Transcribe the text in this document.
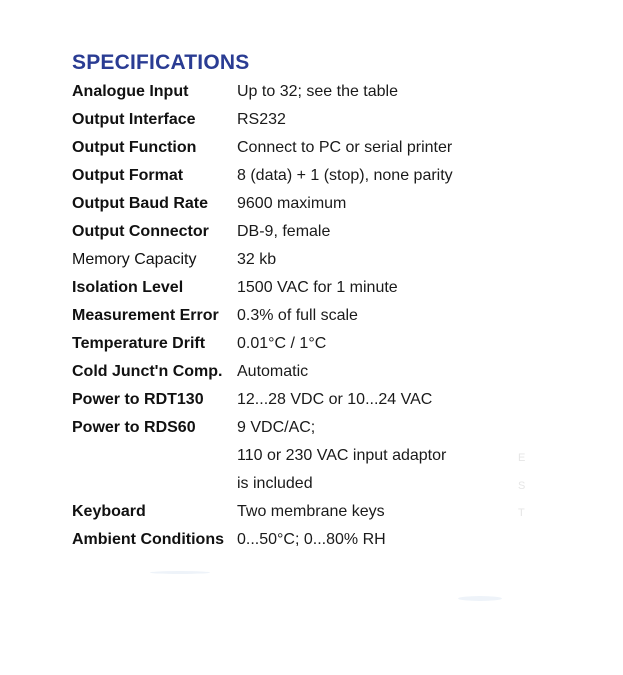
SPECIFICATIONS
Analogue Input	Up to 32; see the table

Output Interface	RS232

Output Function	Connect to PC or serial printer

Output Format	8 (data) + 1 (stop), none parity

Output Baud Rate	9600 maximum

Output Connector	DB-9, female

Memory Capacity	32 kb

Isolation Level	1500 VAC for 1 minute

Measurement Error	0.3% of full scale

Temperature Drift	0.01°C / 1°C

Cold Junct'n Comp.	Automatic

Power to RDT130	12...28 VDC or 10...24 VAC

Power to RDS60	9 VDC/AC;
110 or 230 VAC input adaptor
is included

Keyboard	Two membrane keys

Ambient Conditions	0...50°C; 0...80% RH
E
S
T
